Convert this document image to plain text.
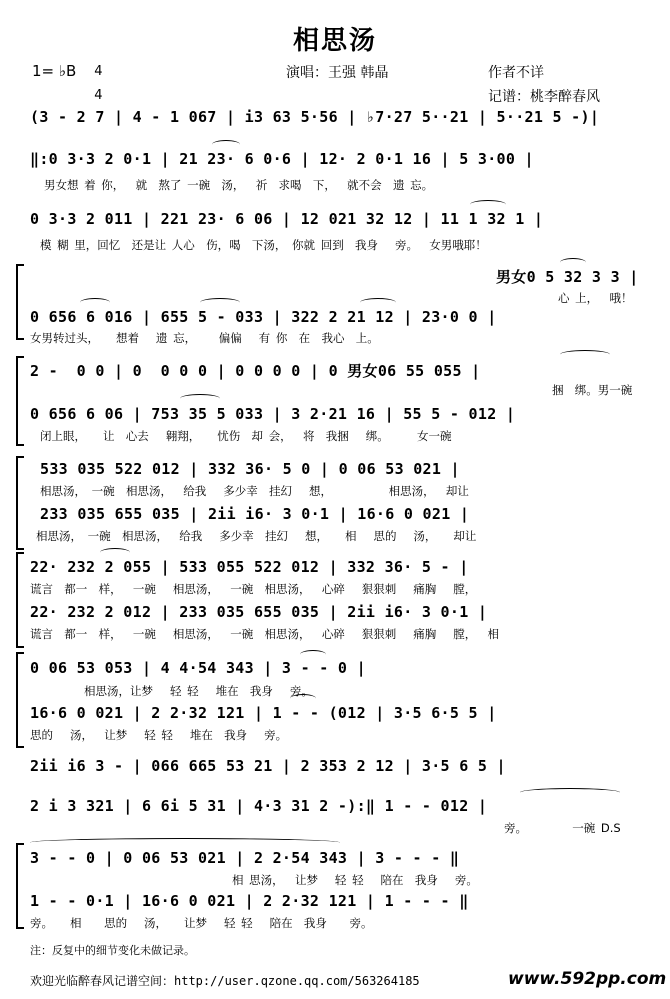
相思汤
1= ♭B	4

4

演唱：王强 韩晶	作者不详
记谱：桃李醉春风
(3 - 2 7 | 4 - 1 067 | i3 63 5·56 | ♭7·27 5··21 | 5··21 5 -)|
‖:0 3·3 2 0·1 | 21 23· 6 0·6 | 12· 2 0·1 16 | 5 3·00 |
男女想 着 你，  就  熬了 一碗  汤，  祈  求喝  下，  就不会  遗 忘。
0 3·3 2 011 | 221 23· 6 06 | 12 021 32 12 | 11 1 32 1 |
模 糊 里，回忆  还是让 人心  伤，喝  下汤， 你就 回到  我身   旁。  女男哦耶！
男女0 5 32 3 3 |
心 上，  哦！
0 656 6 016 | 655 5 - 033 | 322 2 21 12 | 23·0 0 |
女男转过头，   想着   遗 忘，    偏偏   有 你  在  我心  上。
2 -  0 0 | 0  0 0 0 | 0 0 0 0 | 0 男女06 55 055 |
捆  绑。男一碗
0 656 6 06 | 753 35 5 033 | 3 2·21 16 | 55 5 - 012 |
闭上眼，   让  心去   翱翔，   忧伤  却 会，  将  我捆   绑。     女一碗
533 035 522 012 | 332 36· 5 0 | 0 06 53 021 |
相思汤， 一碗  相思汤，  给我   多少幸  挂幻   想，          相思汤，  却让
233 035 655 035 | 2ii i6· 3 0·1 | 16·6 0 021 |
相思汤， 一碗  相思汤，  给我   多少幸  挂幻   想，   相   思的   汤，   却让
22· 232 2 055 | 533 055 522 012 | 332 36· 5 - |
谎言  都一  样，  一碗   相思汤，  一碗  相思汤，  心碎   狠狠刺   痛胸   膛，
22· 232 2 012 | 233 035 655 035 | 2ii i6· 3 0·1 |
谎言  都一  样，  一碗   相思汤，  一碗  相思汤，  心碎   狠狠刺   痛胸   膛，  相
0 06 53 053 | 4 4·54 343 | 3 - - 0 |
相思汤，让梦   轻 轻   堆在  我身   旁。
16·6 0 021 | 2 2·32 121 | 1 - - (012 | 3·5 6·5 5 |
思的   汤，  让梦   轻 轻   堆在  我身   旁。
2ii i6 3 - | 066 665 53 21 | 2 353 2 12 | 3·5 6 5 |
2 i 3 321 | 6 6i 5 31 | 4·3 31 2 -):‖ 1 - - 012 |
旁。        一碗 D.S
3 - - 0 | 0 06 53 021 | 2 2·54 343 | 3 - - - ‖
相 思汤，  让梦   轻 轻   陪在  我身   旁。
1 - - 0·1 | 16·6 0 021 | 2 2·32 121 | 1 - - - ‖
旁。   相    思的   汤，   让梦   轻 轻   陪在  我身    旁。
注：反复中的细节变化未做记录。
欢迎光临醉春风记谱空间：http://user.qzone.qq.com/563264185	www.592pp.com
